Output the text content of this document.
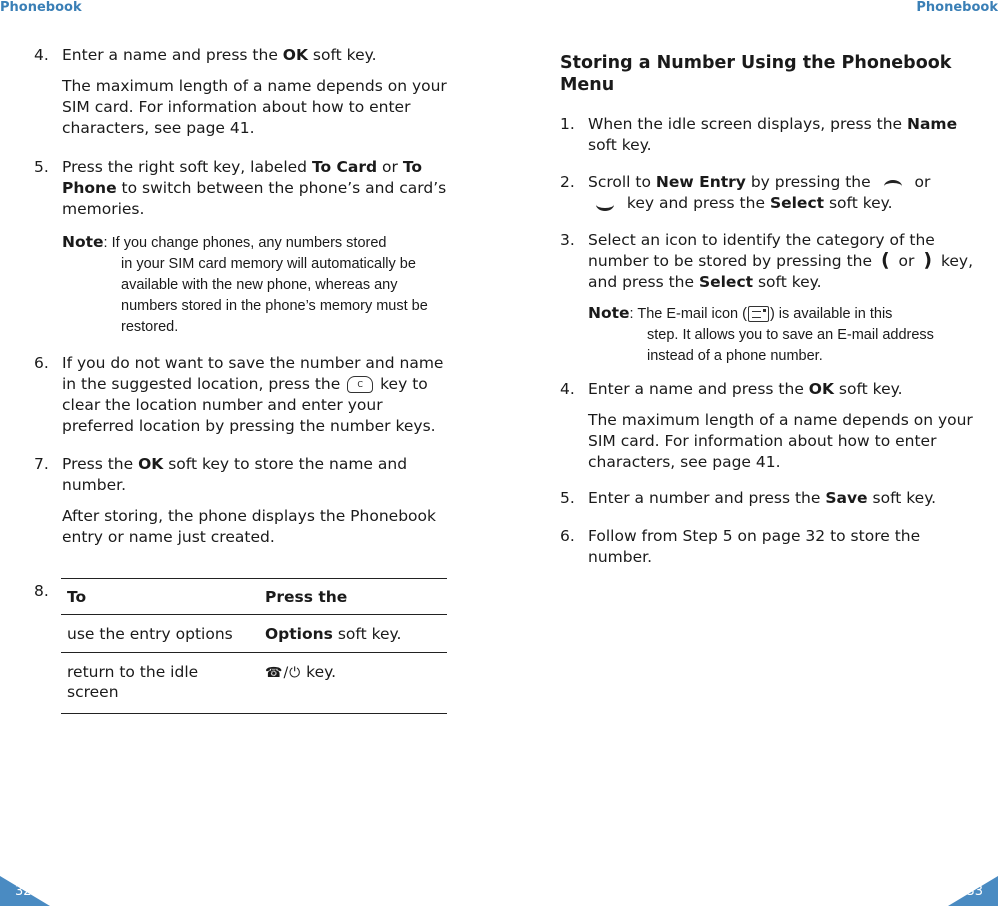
Phonebook	Phonebook
4. Enter a name and press the OK soft key.

The maximum length of a name depends on your SIM card. For information about how to enter characters, see page 41.

5. Press the right soft key, labeled To Card or To Phone to switch between the phone’s and card’s memories.

Note: If you change phones, any numbers stored
in your SIM card memory will automatically be available with the new phone, whereas any numbers stored in the phone’s memory must be restored.
6. If you do not want to save the number and name in the suggested location, press the C key to clear the location number and enter your preferred location by pressing the number keys.

7. Press the OK soft key to store the name and number.

After storing, the phone displays the Phonebook entry or name just created.

8. To	Press the
use the entry options	Options soft key.
return to the idle screen	☎/⏻ key.
Storing a Number Using the Phonebook Menu
1. When the idle screen displays, press the Name soft key.

2. Scroll to New Entry by pressing the  or
key and press the Select soft key.

3. Select an icon to identify the category of the number to be stored by pressing the ( or ) key, and press the Select soft key.

Note: The E-mail icon ( ) is available in this
step. It allows you to save an E-mail address instead of a phone number.
4. Enter a name and press the OK soft key.

The maximum length of a name depends on your SIM card. For information about how to enter characters, see page 41.

5. Enter a number and press the Save soft key.

6. Follow from Step 5 on page 32 to store the number.

32	33
